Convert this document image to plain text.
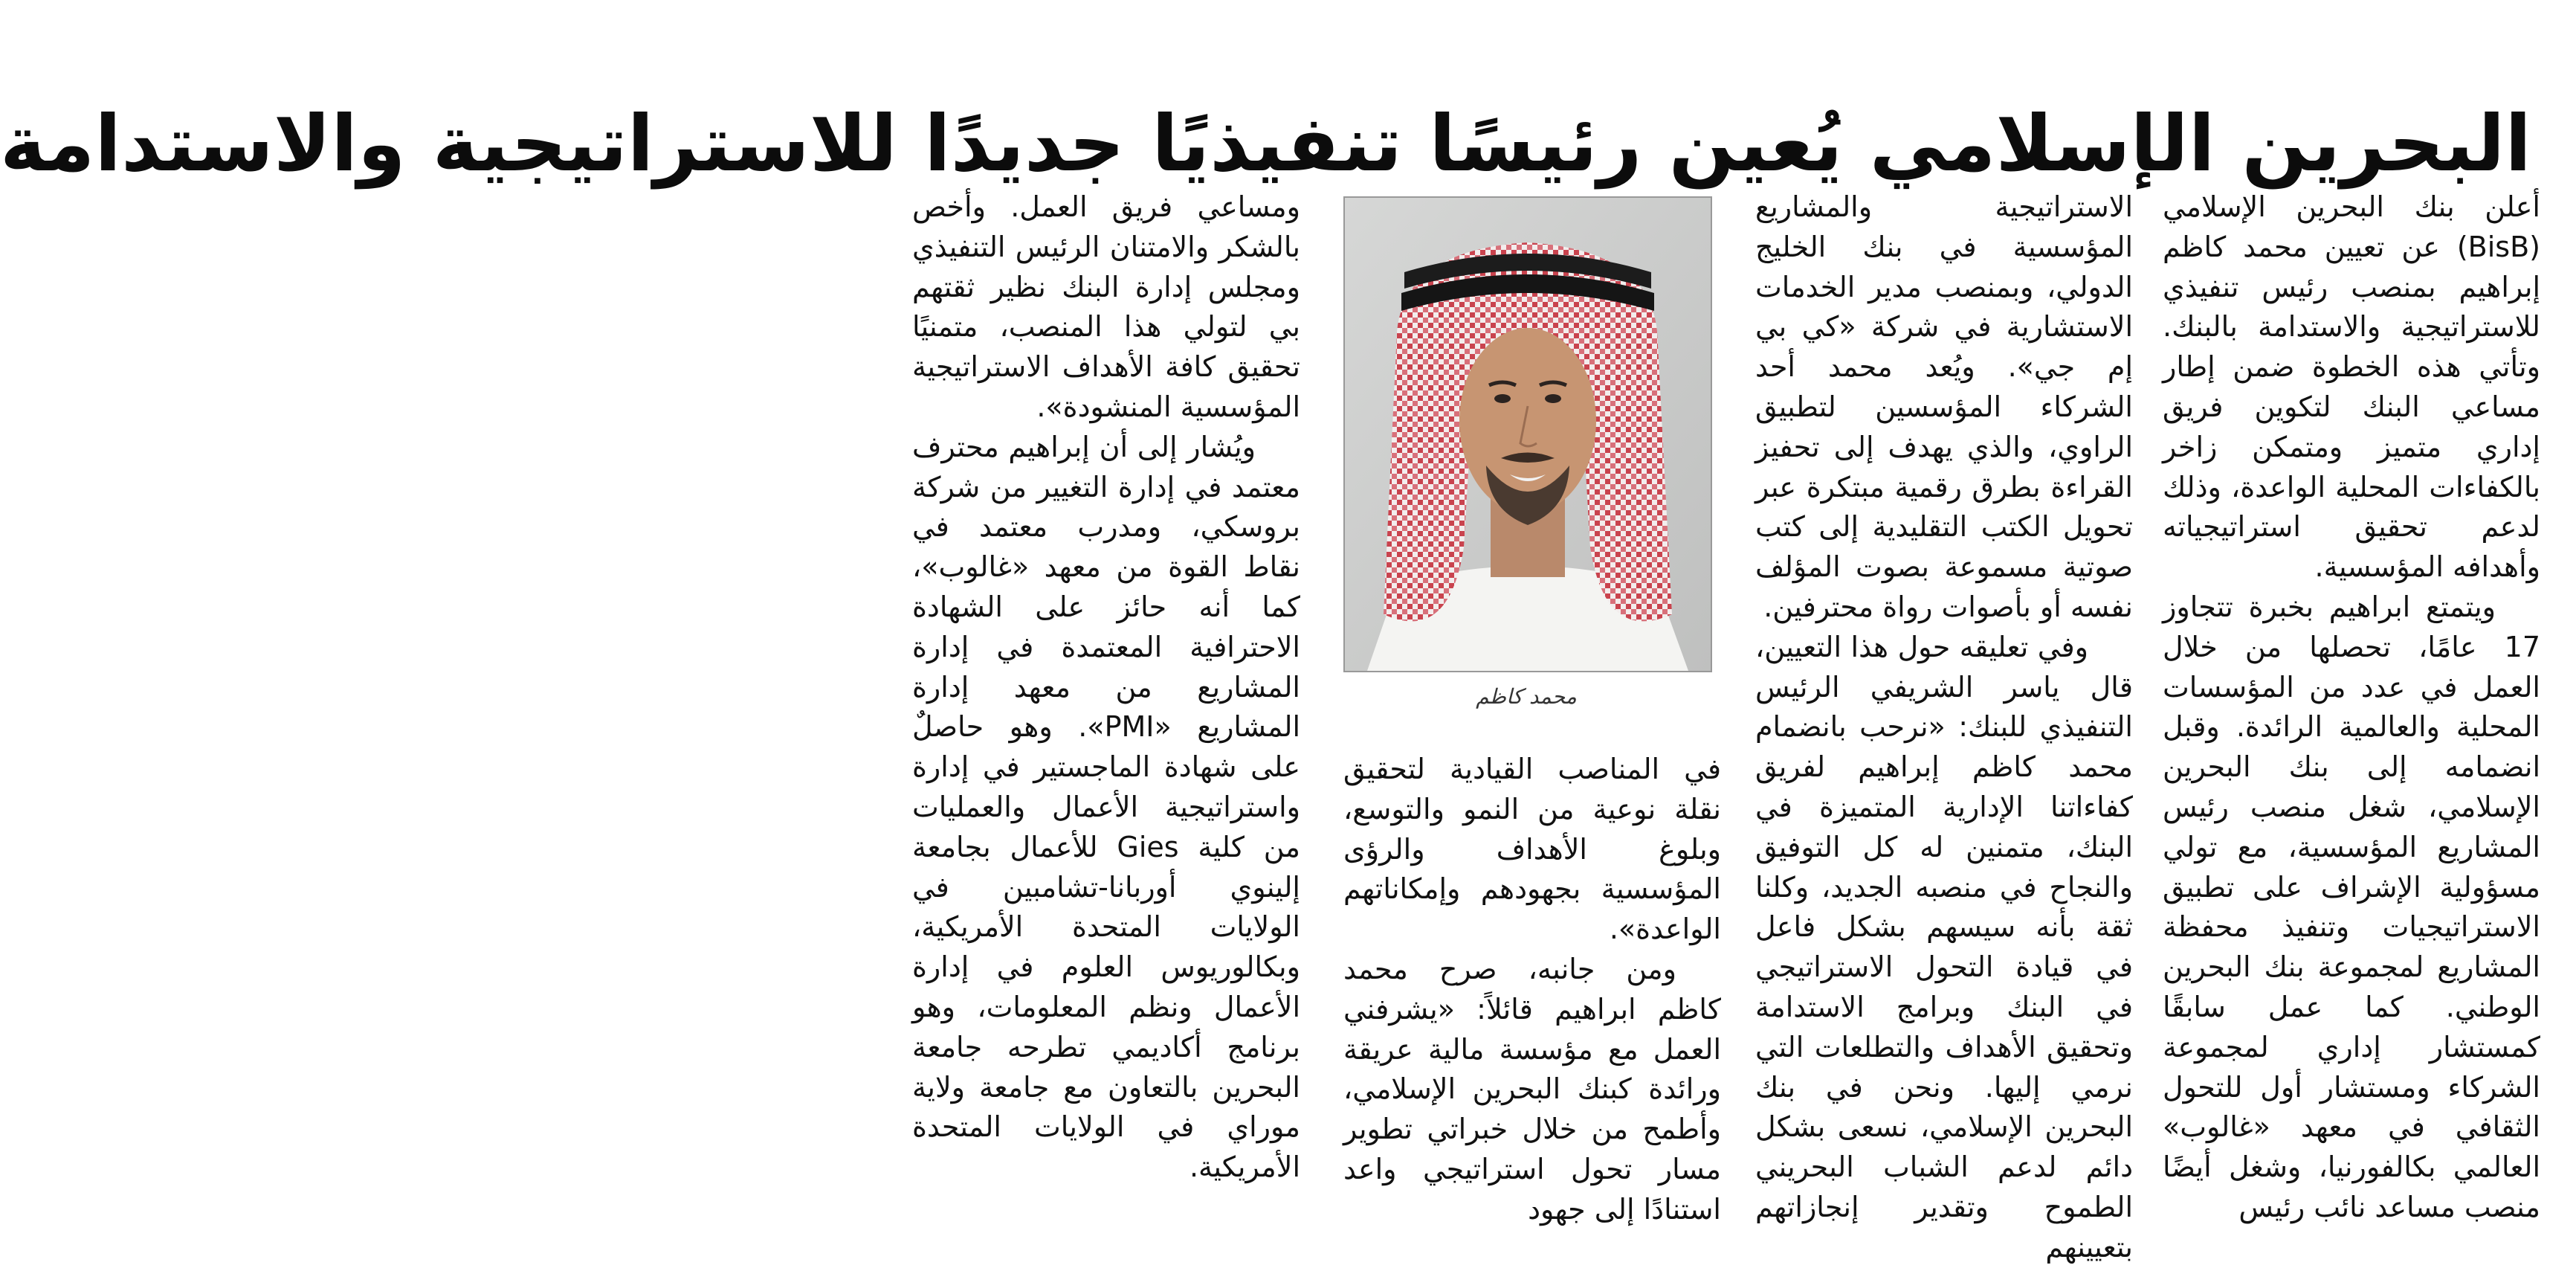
البحرين الإسلامي يُعين رئيسًا تنفيذيًا جديدًا للاستراتيجية والاستدامة

أعلن بنك البحرين الإسلامي (BisB) عن تعيين محمد كاظم إبراهيم بمنصب رئيس تنفيذي للاستراتيجية والاستدامة بالبنك. وتأتي هذه الخطوة ضمن إطار مساعي البنك لتكوين فريق إداري متميز ومتمكن زاخر بالكفاءات المحلية الواعدة، وذلك لدعم تحقيق استراتيجياته وأهدافه المؤسسية.

ويتمتع ابراهيم بخبرة تتجاوز 17 عامًا، تحصلها من خلال العمل في عدد من المؤسسات المحلية والعالمية الرائدة. وقبل انضمامه إلى بنك البحرين الإسلامي، شغل منصب رئيس المشاريع المؤسسية، مع تولي مسؤولية الإشراف على تطبيق الاستراتيجيات وتنفيذ محفظة المشاريع لمجموعة بنك البحرين الوطني. كما عمل سابقًا كمستشار إداري لمجموعة الشركاء ومستشار أول للتحول الثقافي في معهد «غالوب» العالمي بكالفورنيا، وشغل أيضًا منصب مساعد نائب رئيس

الاستراتيجية والمشاريع المؤسسية في بنك الخليج الدولي، وبمنصب مدير الخدمات الاستشارية في شركة «كي بي إم جي». ويُعد محمد أحد الشركاء المؤسسين لتطبيق الراوي، والذي يهدف إلى تحفيز القراءة بطرق رقمية مبتكرة عبر تحويل الكتب التقليدية إلى كتب صوتية مسموعة بصوت المؤلف نفسه أو بأصوات رواة محترفين.

وفي تعليقه حول هذا التعيين، قال ياسر الشريفي الرئيس التنفيذي للبنك: «نرحب بانضمام محمد كاظم إبراهيم لفريق كفاءاتنا الإدارية المتميزة في البنك، متمنين له كل التوفيق والنجاح في منصبه الجديد، وكلنا ثقة بأنه سيسهم بشكل فاعل في قيادة التحول الاستراتيجي في البنك وبرامج الاستدامة وتحقيق الأهداف والتطلعات التي نرمي إليها. ونحن في بنك البحرين الإسلامي، نسعى بشكل دائم لدعم الشباب البحريني الطموح وتقدير إنجازاتهم بتعيينهم

محمد كاظم

في المناصب القيادية لتحقيق نقلة نوعية من النمو والتوسع، وبلوغ الأهداف والرؤى المؤسسية بجهودهم وإمكاناتهم الواعدة».

ومن جانبه، صرح محمد كاظم ابراهيم قائلاً: «يشرفني العمل مع مؤسسة مالية عريقة ورائدة كبنك البحرين الإسلامي، وأطمح من خلال خبراتي تطوير مسار تحول استراتيجي واعد استنادًا إلى جهود

ومساعي فريق العمل. وأخص بالشكر والامتنان الرئيس التنفيذي ومجلس إدارة البنك نظير ثقتهم بي لتولي هذا المنصب، متمنيًا تحقيق كافة الأهداف الاستراتيجية المؤسسية المنشودة».

ويُشار إلى أن إبراهيم محترف معتمد في إدارة التغيير من شركة بروسكي، ومدرب معتمد في نقاط القوة من معهد «غالوب»، كما أنه حائز على الشهادة الاحترافية المعتمدة في إدارة المشاريع من معهد إدارة المشاريع «PMI». وهو حاصلٌ على شهادة الماجستير في إدارة واستراتيجية الأعمال والعمليات من كلية Gies للأعمال بجامعة إلينوي أوربانا-تشامبين في الولايات المتحدة الأمريكية، وبكالوريوس العلوم في إدارة الأعمال ونظم المعلومات، وهو برنامج أكاديمي تطرحه جامعة البحرين بالتعاون مع جامعة ولاية موراي في الولايات المتحدة الأمريكية.
